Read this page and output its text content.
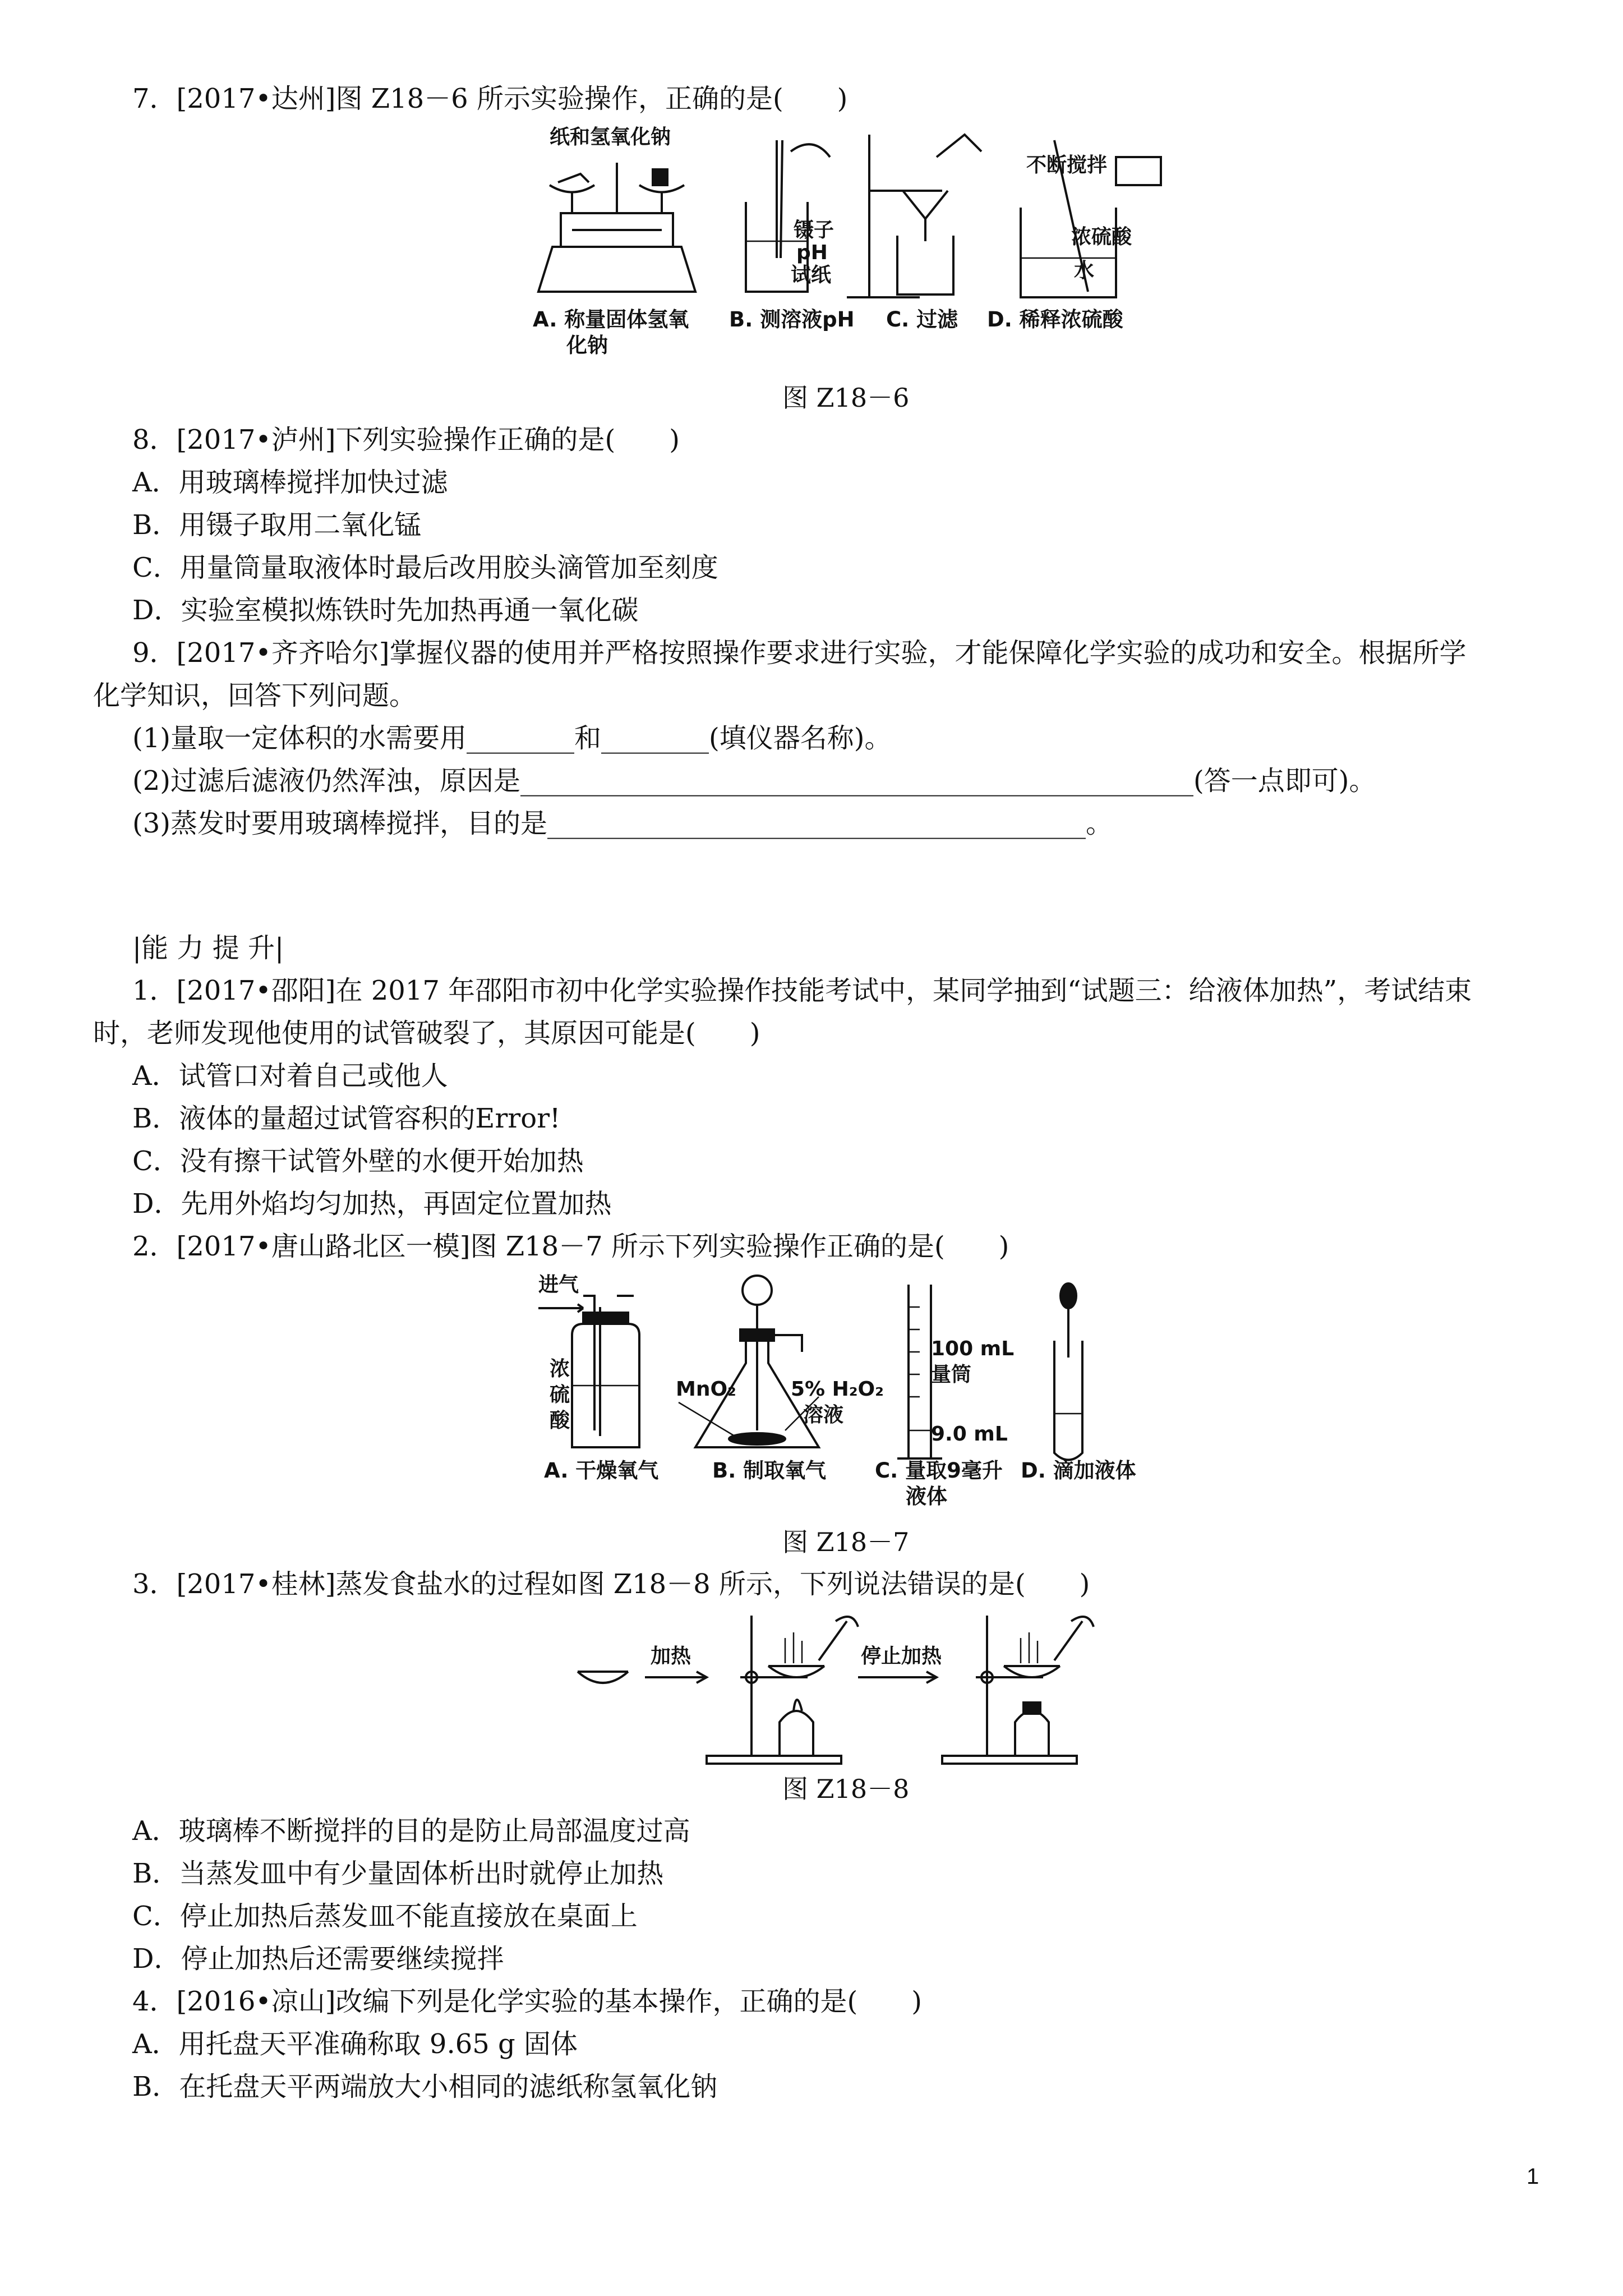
7．[2017•达州]图 Z18－6 所示实验操作，正确的是(　　)
纸和氢氧化钠
镊子
pH
试纸
不断搅拌
浓硫酸
水
A. 称量固体氢氧
化钠
B. 测溶液pH C. 过滤 D. 稀释浓硫酸
图 Z18－6
8．[2017•泸州]下列实验操作正确的是(　　)
A．用玻璃棒搅拌加快过滤
B．用镊子取用二氧化锰
C．用量筒量取液体时最后改用胶头滴管加至刻度
D．实验室模拟炼铁时先加热再通一氧化碳
9．[2017•齐齐哈尔]掌握仪器的使用并严格按照操作要求进行实验，才能保障化学实验的成功和安全。根据所学
化学知识，回答下列问题。
(1)量取一定体积的水需要用________和________(填仪器名称)。
(2)过滤后滤液仍然浑浊，原因是__________________________________________________(答一点即可)。
(3)蒸发时要用玻璃棒搅拌，目的是________________________________________。
|能 力 提 升|
1．[2017•邵阳]在 2017 年邵阳市初中化学实验操作技能考试中，某同学抽到“试题三：给液体加热”，考试结束
时，老师发现他使用的试管破裂了，其原因可能是(　　)
A．试管口对着自己或他人
B．液体的量超过试管容积的Error!
C．没有擦干试管外壁的水便开始加热
D．先用外焰均匀加热，再固定位置加热
2．[2017•唐山路北区一模]图 Z18－7 所示下列实验操作正确的是(　　)
进气
浓
硫
酸
MnO₂	5% H₂O₂
溶液
100 mL
量筒
9.0 mL
A. 干燥氧气	B. 制取氧气 C. 量取9毫升
液体
D. 滴加液体
图 Z18－7
3．[2017•桂林]蒸发食盐水的过程如图 Z18－8 所示，下列说法错误的是(　　)
加热	停止加热
图 Z18－8
A．玻璃棒不断搅拌的目的是防止局部温度过高
B．当蒸发皿中有少量固体析出时就停止加热
C．停止加热后蒸发皿不能直接放在桌面上
D．停止加热后还需要继续搅拌
4．[2016•凉山]改编下列是化学实验的基本操作，正确的是(　　)
A．用托盘天平准确称取 9.65 g 固体
B．在托盘天平两端放大小相同的滤纸称氢氧化钠
1
